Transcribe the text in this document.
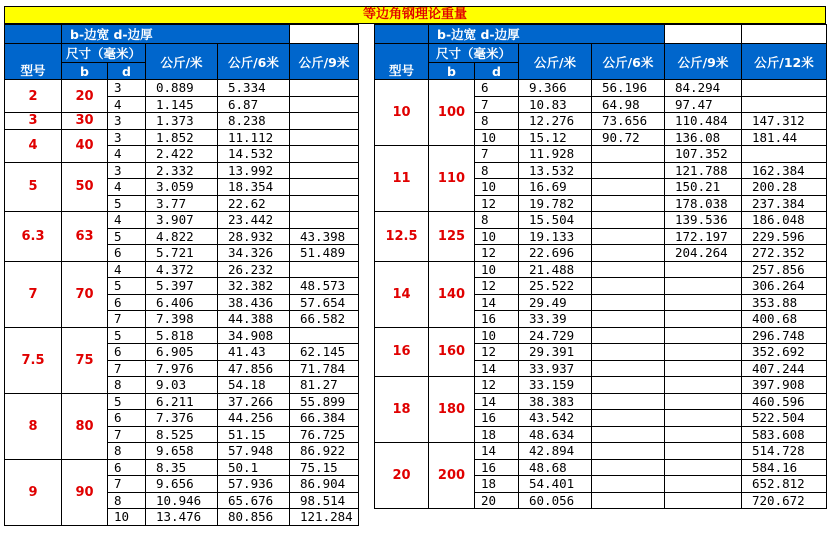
等边角钢理论重量
	b-边宽 d-边厚				
型号	尺寸（毫米）		公斤/米	公斤/6米	公斤/9米
	b	d			
2	20	3	0.889	5.334	
		4	1.145	6.87	
3	30	3	1.373	8.238	
4	40	3	1.852	11.112	
		4	2.422	14.532	
5	50	3	2.332	13.992	
		4	3.059	18.354	
		5	3.77	22.62	
6.3	63	4	3.907	23.442	
		5	4.822	28.932	43.398
		6	5.721	34.326	51.489
7	70	4	4.372	26.232	
		5	5.397	32.382	48.573
		6	6.406	38.436	57.654
		7	7.398	44.388	66.582
7.5	75	5	5.818	34.908	
		6	6.905	41.43	62.145
		7	7.976	47.856	71.784
		8	9.03	54.18	81.27
8	80	5	6.211	37.266	55.899
		6	7.376	44.256	66.384
		7	8.525	51.15	76.725
		8	9.658	57.948	86.922
9	90	6	8.35	50.1	75.15
		7	9.656	57.936	86.904
		8	10.946	65.676	98.514
		10	13.476	80.856	121.284
	b-边宽 d-边厚					
型号	尺寸（毫米）		公斤/米	公斤/6米	公斤/9米	公斤/12米
	b	d				
10	100	6	9.366	56.196	84.294	
		7	10.83	64.98	97.47	
		8	12.276	73.656	110.484	147.312
		10	15.12	90.72	136.08	181.44
11	110	7	11.928		107.352	
		8	13.532		121.788	162.384
		10	16.69		150.21	200.28
		12	19.782		178.038	237.384
12.5	125	8	15.504		139.536	186.048
		10	19.133		172.197	229.596
		12	22.696		204.264	272.352
14	140	10	21.488			257.856
		12	25.522			306.264
		14	29.49			353.88
		16	33.39			400.68
16	160	10	24.729			296.748
		12	29.391			352.692
		14	33.937			407.244
18	180	12	33.159			397.908
		14	38.383			460.596
		16	43.542			522.504
		18	48.634			583.608
20	200	14	42.894			514.728
		16	48.68			584.16
		18	54.401			652.812
		20	60.056			720.672
